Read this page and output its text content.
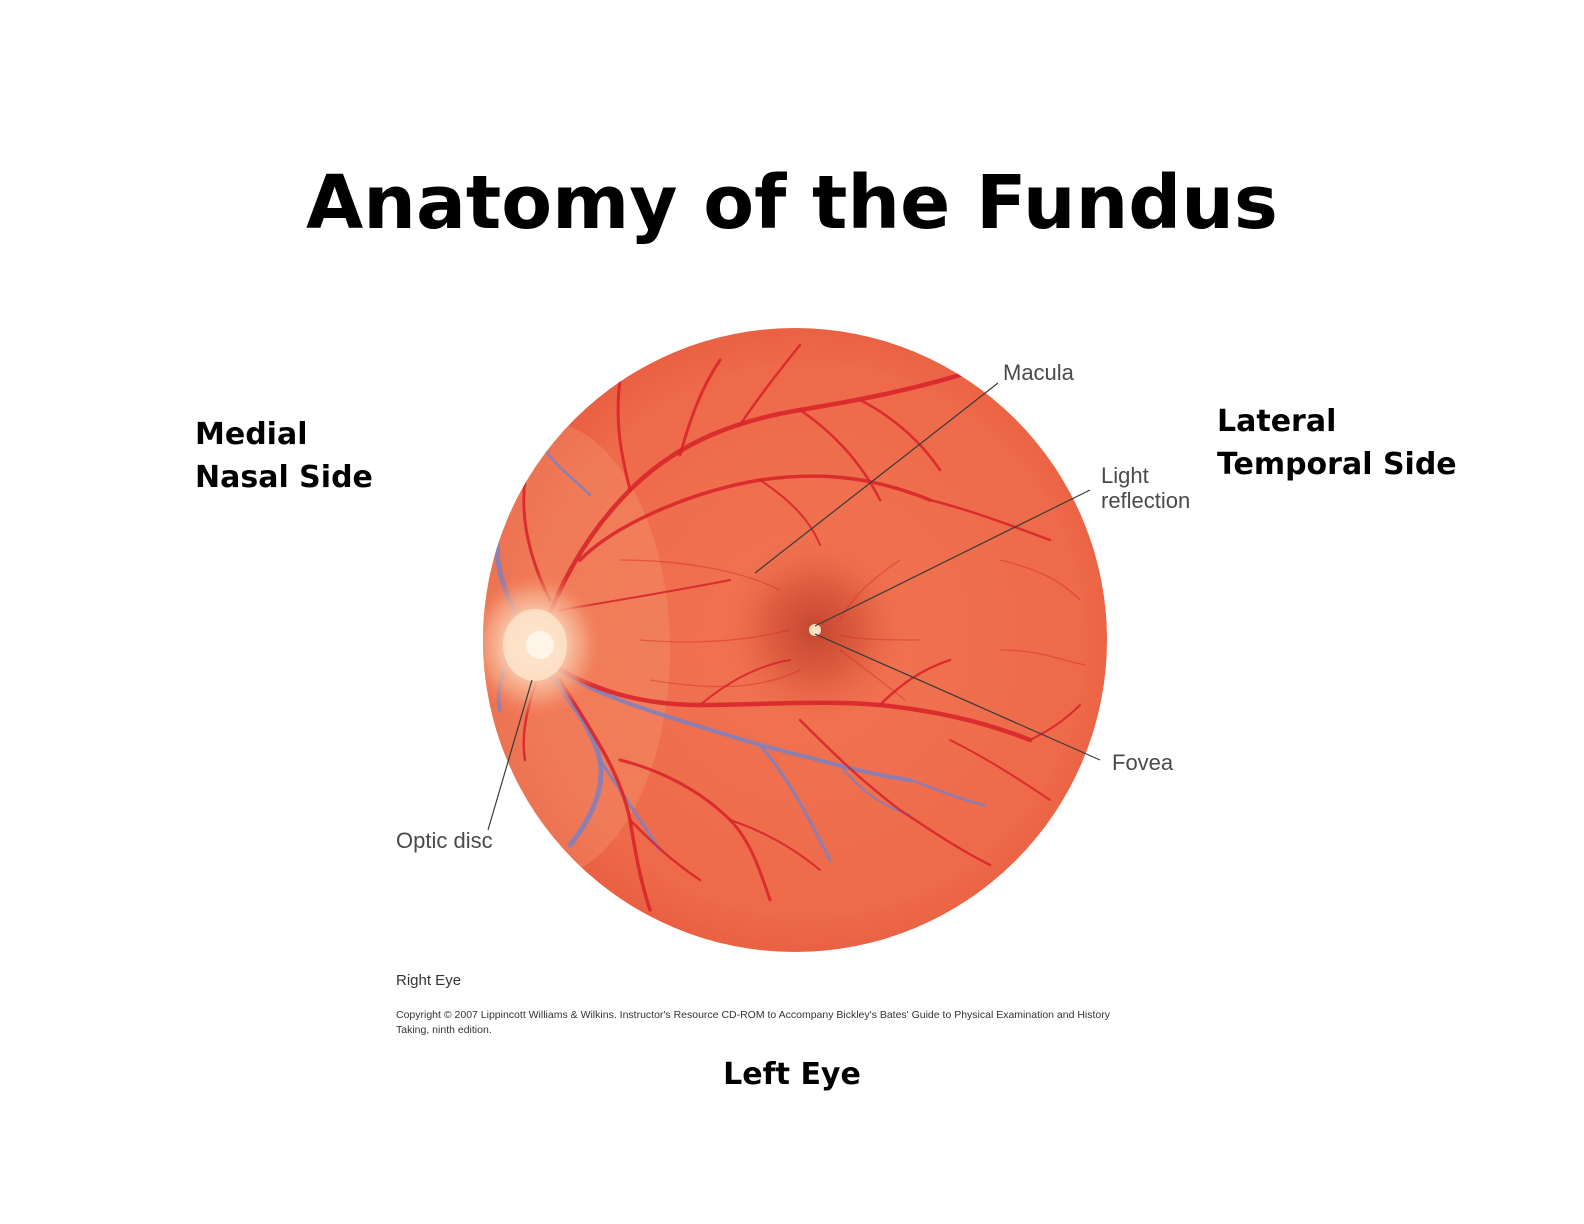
Anatomy of the Fundus
Medial
Nasal Side
Lateral
Temporal Side
Macula
Light
reflection
Fovea
Optic disc
Right Eye
Copyright © 2007 Lippincott Williams & Wilkins. Instructor's Resource CD-ROM to Accompany Bickley's Bates' Guide to Physical Examination and History
Taking, ninth edition.
Left Eye
